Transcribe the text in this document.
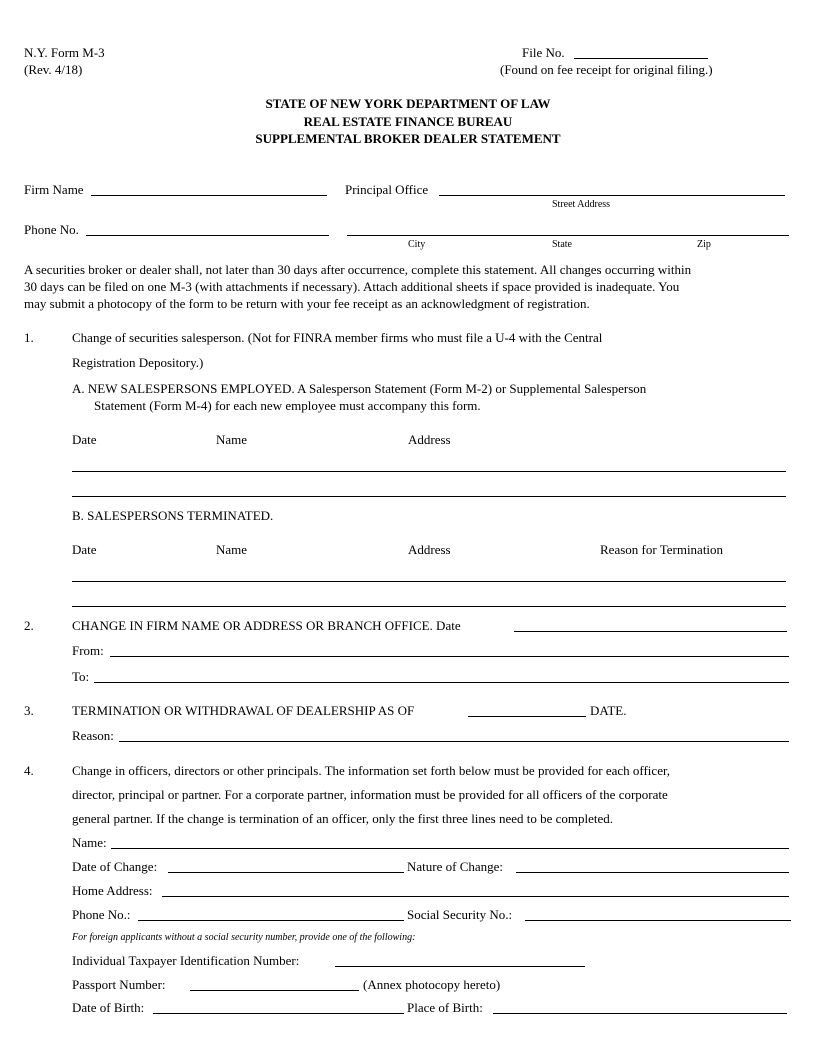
N.Y. Form M-3
(Rev. 4/18)
File No.
(Found on fee receipt for original filing.)
STATE OF NEW YORK DEPARTMENT OF LAW
REAL ESTATE FINANCE BUREAU
SUPPLEMENTAL BROKER DEALER STATEMENT
Firm Name	Principal Office
Street Address
Phone No.
City	State	Zip
A securities broker or dealer shall, not later than 30 days after occurrence, complete this statement. All changes occurring within
30 days can be filed on one M-3 (with attachments if necessary). Attach additional sheets if space provided is inadequate. You
may submit a photocopy of the form to be return with your fee receipt as an acknowledgment of registration.
1.	Change of securities salesperson. (Not for FINRA member firms who must file a U-4 with the Central
Registration Depository.)
A. NEW SALESPERSONS EMPLOYED. A Salesperson Statement (Form M-2) or Supplemental Salesperson
Statement (Form M-4) for each new employee must accompany this form.
Date	Name	Address
B. SALESPERSONS TERMINATED.
Date	Name	Address	Reason for Termination
2.	CHANGE IN FIRM NAME OR ADDRESS OR BRANCH OFFICE. Date
From:
To:
3.	TERMINATION OR WITHDRAWAL OF DEALERSHIP AS OF	DATE.
Reason:
4.	Change in officers, directors or other principals. The information set forth below must be provided for each officer,
director, principal or partner. For a corporate partner, information must be provided for all officers of the corporate
general partner. If the change is termination of an officer, only the first three lines need to be completed.
Name:
Date of Change:	Nature of Change:
Home Address:
Phone No.:	Social Security No.:
For foreign applicants without a social security number, provide one of the following:
Individual Taxpayer Identification Number:
Passport Number:	(Annex photocopy hereto)
Date of Birth:	Place of Birth:
